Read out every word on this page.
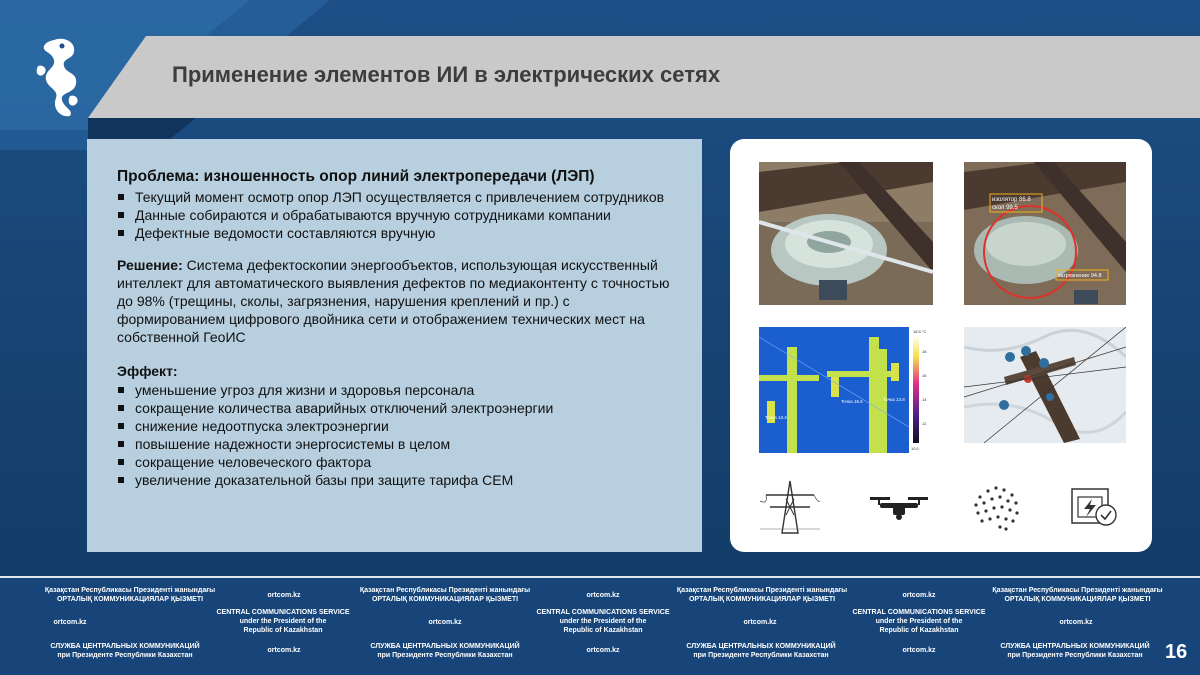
Применение элементов ИИ в электрических сетях
Проблема: изношенность опор линий электропередачи (ЛЭП)
Текущий момент осмотр опор ЛЭП осуществляется с привлечением сотрудников
Данные собираются и обрабатываются вручную сотрудниками компании
Дефектные ведомости составляются вручную

Решение: Система дефектоскопии энергообъектов, использующая искусственный интеллект для автоматического выявления дефектов по медиаконтенту с точностью до 98% (трещины, сколы, загрязнения, нарушения креплений и пр.) с формированием цифрового двойника сети и отображением технических мест на собственной ГеоИС

Эффект:
уменьшение угроз для жизни и здоровья персонала
сокращение количества аварийных отключений электроэнергии
снижение недоотпуска электроэнергии
повышение надежности энергосистемы в целом
сокращение человеческого фактора
увеличение доказательной базы при защите тарифа СЕМ
изолятор 86.8
скол 99.5
загрязнение 94.8
Точка 13.4
Точка 15.6	Точка 13.8
18.5 °C
18
16
14
12
10.0
Қазақстан Республикасы Президенті жанындағы
ОРТАЛЫҚ КОММУНИКАЦИЯЛАР ҚЫЗМЕТІ
ortcom.kz
Қазақстан Республикасы Президенті жанындағы
ОРТАЛЫҚ КОММУНИКАЦИЯЛАР ҚЫЗМЕТІ
ortcom.kz
Қазақстан Республикасы Президенті жанындағы
ОРТАЛЫҚ КОММУНИКАЦИЯЛАР ҚЫЗМЕТІ
ortcom.kz
Қазақстан Республикасы Президенті жанындағы
ОРТАЛЫҚ КОММУНИКАЦИЯЛАР ҚЫЗМЕТІ
ortcom.kz
CENTRAL COMMUNICATIONS SERVICE
under the President of the
Republic of Kazakhstan
ortcom.kz
CENTRAL COMMUNICATIONS SERVICE
under the President of the
Republic of Kazakhstan
ortcom.kz
CENTRAL COMMUNICATIONS SERVICE
under the President of the
Republic of Kazakhstan
ortcom.kz
СЛУЖБА ЦЕНТРАЛЬНЫХ КОММУНИКАЦИЙ
при Президенте Республики Казахстан
ortcom.kz
СЛУЖБА ЦЕНТРАЛЬНЫХ КОММУНИКАЦИЙ
при Президенте Республики Казахстан
ortcom.kz
СЛУЖБА ЦЕНТРАЛЬНЫХ КОММУНИКАЦИЙ
при Президенте Республики Казахстан
ortcom.kz
СЛУЖБА ЦЕНТРАЛЬНЫХ КОММУНИКАЦИЙ
при Президенте Республики Казахстан	16
